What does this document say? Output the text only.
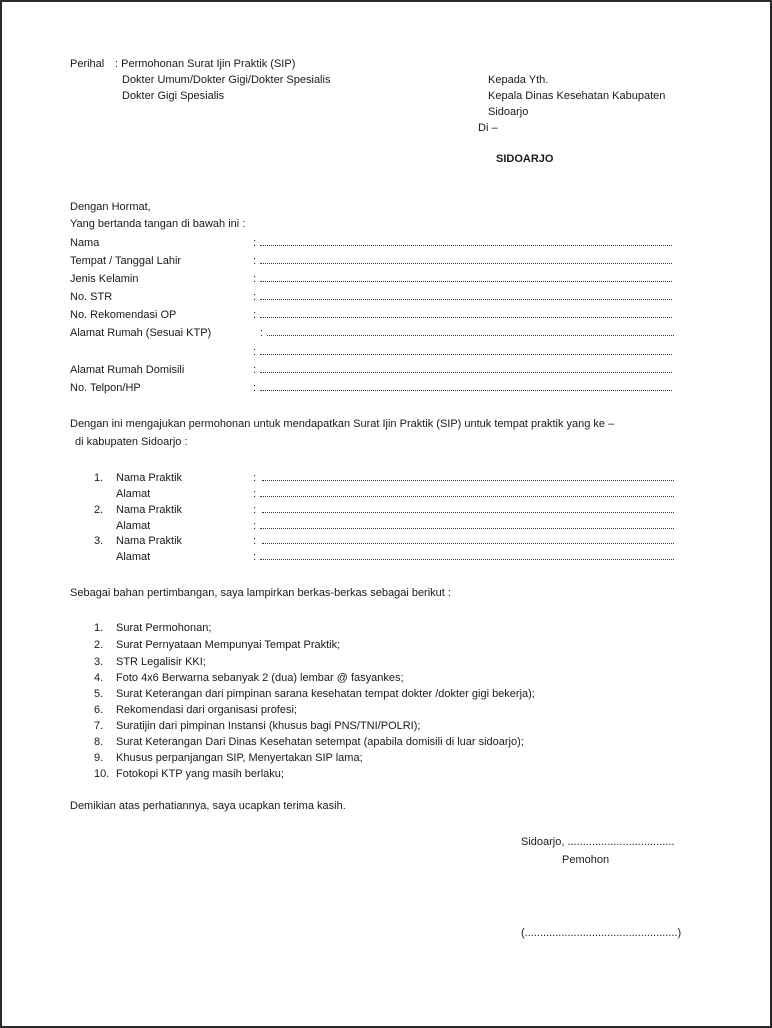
Perihal : Permohonan Surat Ijin Praktik (SIP)
Dokter Umum/Dokter Gigi/Dokter Spesialis
Dokter Gigi Spesialis
Kepada Yth.
Kepala Dinas Kesehatan Kabupaten
Sidoarjo
Di –
SIDOARJO
Dengan Hormat,
Yang bertanda tangan di bawah ini :
Nama	:
Tempat / Tanggal Lahir	:
Jenis Kelamin	:
No. STR	:
No. Rekomendasi OP	:
Alamat Rumah (Sesuai KTP)	:
:
Alamat Rumah Domisili	:
No. Telpon/HP	:
Dengan ini mengajukan permohonan untuk mendapatkan Surat Ijin Praktik (SIP) untuk tempat praktik yang ke –
di kabupaten Sidoarjo :
1. Nama Praktik	:
Alamat	:
2. Nama Praktik	:
Alamat	:
3. Nama Praktik	:
Alamat	:
Sebagai bahan pertimbangan, saya lampirkan berkas-berkas sebagai berikut :
1. Surat Permohonan;
2. Surat Pernyataan Mempunyai Tempat Praktik;
3. STR Legalisir KKI;
4. Foto 4x6 Berwarna sebanyak 2 (dua) lembar @ fasyankes;
5. Surat Keterangan dari pimpinan sarana kesehatan tempat dokter /dokter gigi bekerja);
6. Rekomendasi dari organisasi profesi;
7. Suratijin dari pimpinan Instansi (khusus bagi PNS/TNI/POLRI);
8. Surat Keterangan Dari Dinas Kesehatan setempat (apabila domisili di luar sidoarjo);
9. Khusus perpanjangan SIP, Menyertakan SIP lama;
10. Fotokopi KTP yang masih berlaku;
Demikian atas perhatiannya, saya ucapkan terima kasih.
Sidoarjo, ...................................
Pemohon
(..................................................)
